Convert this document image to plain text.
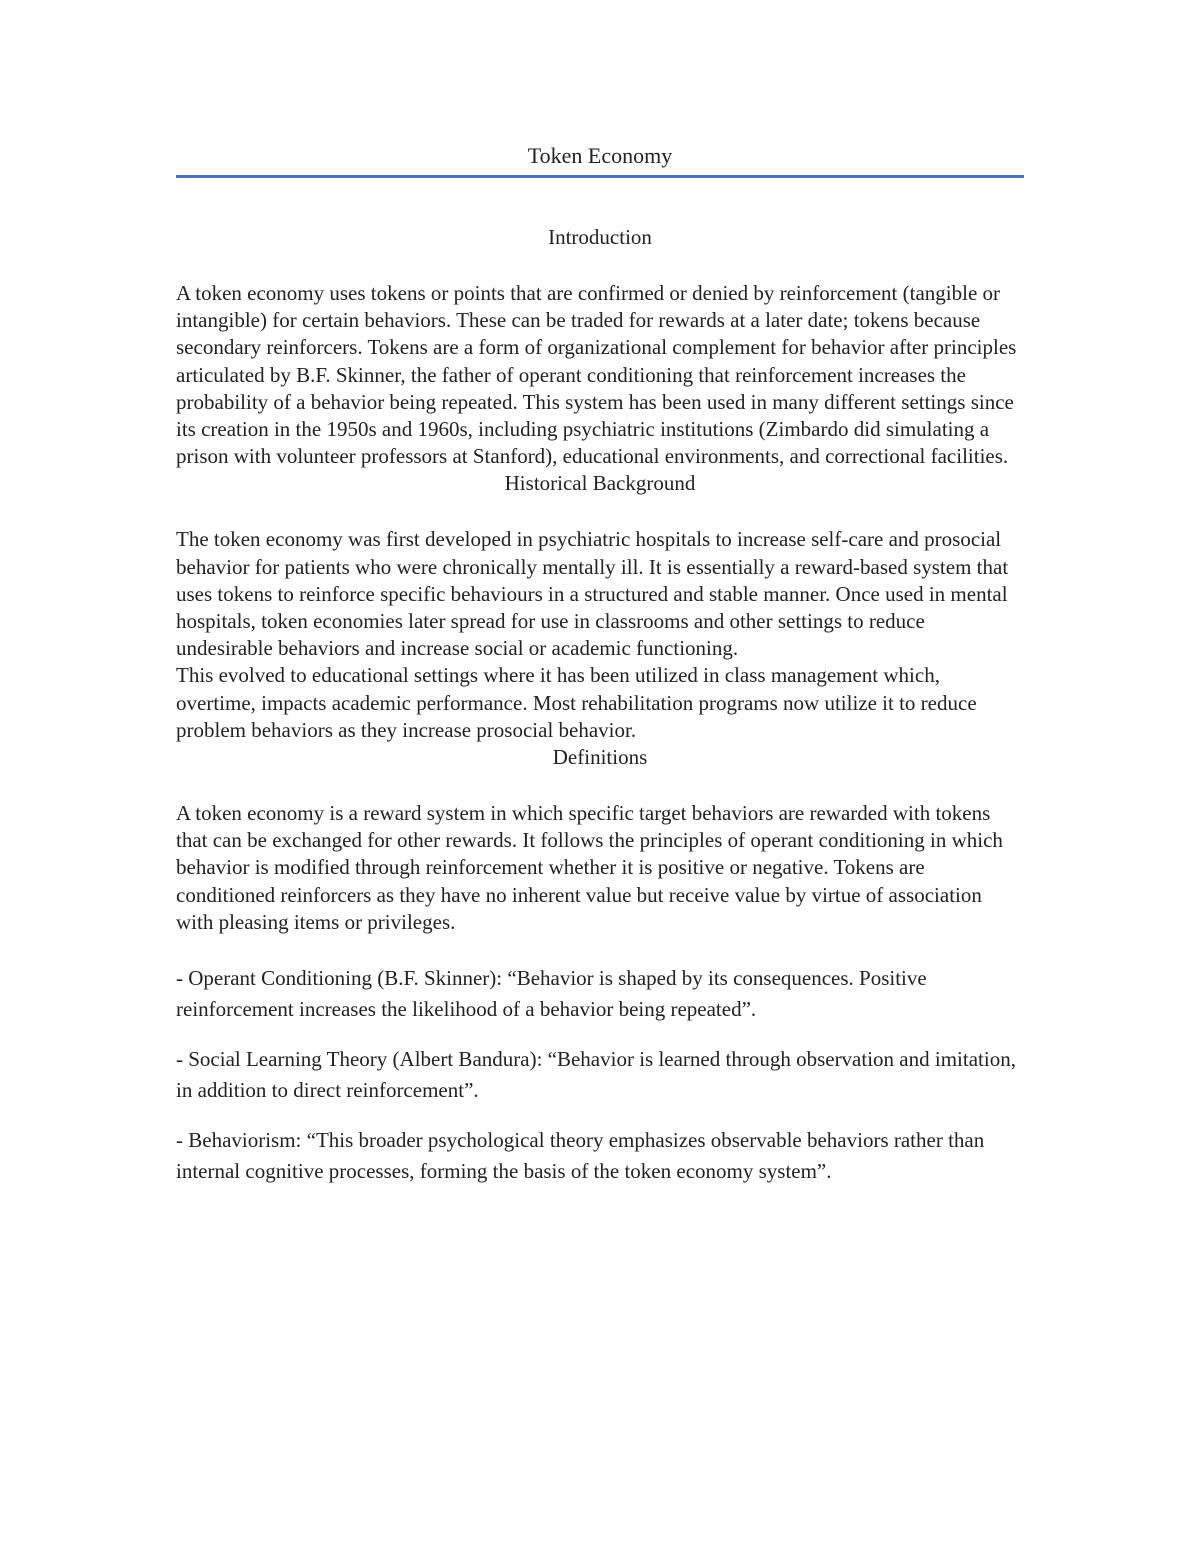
Token Economy
Introduction

A token economy uses tokens or points that are confirmed or denied by reinforcement (tangible or intangible) for certain behaviors. These can be traded for rewards at a later date; tokens because secondary reinforcers. Tokens are a form of organizational complement for behavior after principles articulated by B.F. Skinner, the father of operant conditioning that reinforcement increases the probability of a behavior being repeated. This system has been used in many different settings since its creation in the 1950s and 1960s, including psychiatric institutions (Zimbardo did simulating a prison with volunteer professors at Stanford), educational environments, and correctional facilities.

Historical Background

The token economy was first developed in psychiatric hospitals to increase self-care and prosocial behavior for patients who were chronically mentally ill. It is essentially a reward-based system that uses tokens to reinforce specific behaviours in a structured and stable manner. Once used in mental hospitals, token economies later spread for use in classrooms and other settings to reduce undesirable behaviors and increase social or academic functioning.

This evolved to educational settings where it has been utilized in class management which, overtime, impacts academic performance. Most rehabilitation programs now utilize it to reduce problem behaviors as they increase prosocial behavior.

Definitions

A token economy is a reward system in which specific target behaviors are rewarded with tokens that can be exchanged for other rewards. It follows the principles of operant conditioning in which behavior is modified through reinforcement whether it is positive or negative. Tokens are conditioned reinforcers as they have no inherent value but receive value by virtue of association with pleasing items or privileges.

- Operant Conditioning (B.F. Skinner): “Behavior is shaped by its consequences. Positive reinforcement increases the likelihood of a behavior being repeated”.

- Social Learning Theory (Albert Bandura): “Behavior is learned through observation and imitation, in addition to direct reinforcement”.

- Behaviorism: “This broader psychological theory emphasizes observable behaviors rather than internal cognitive processes, forming the basis of the token economy system”.
